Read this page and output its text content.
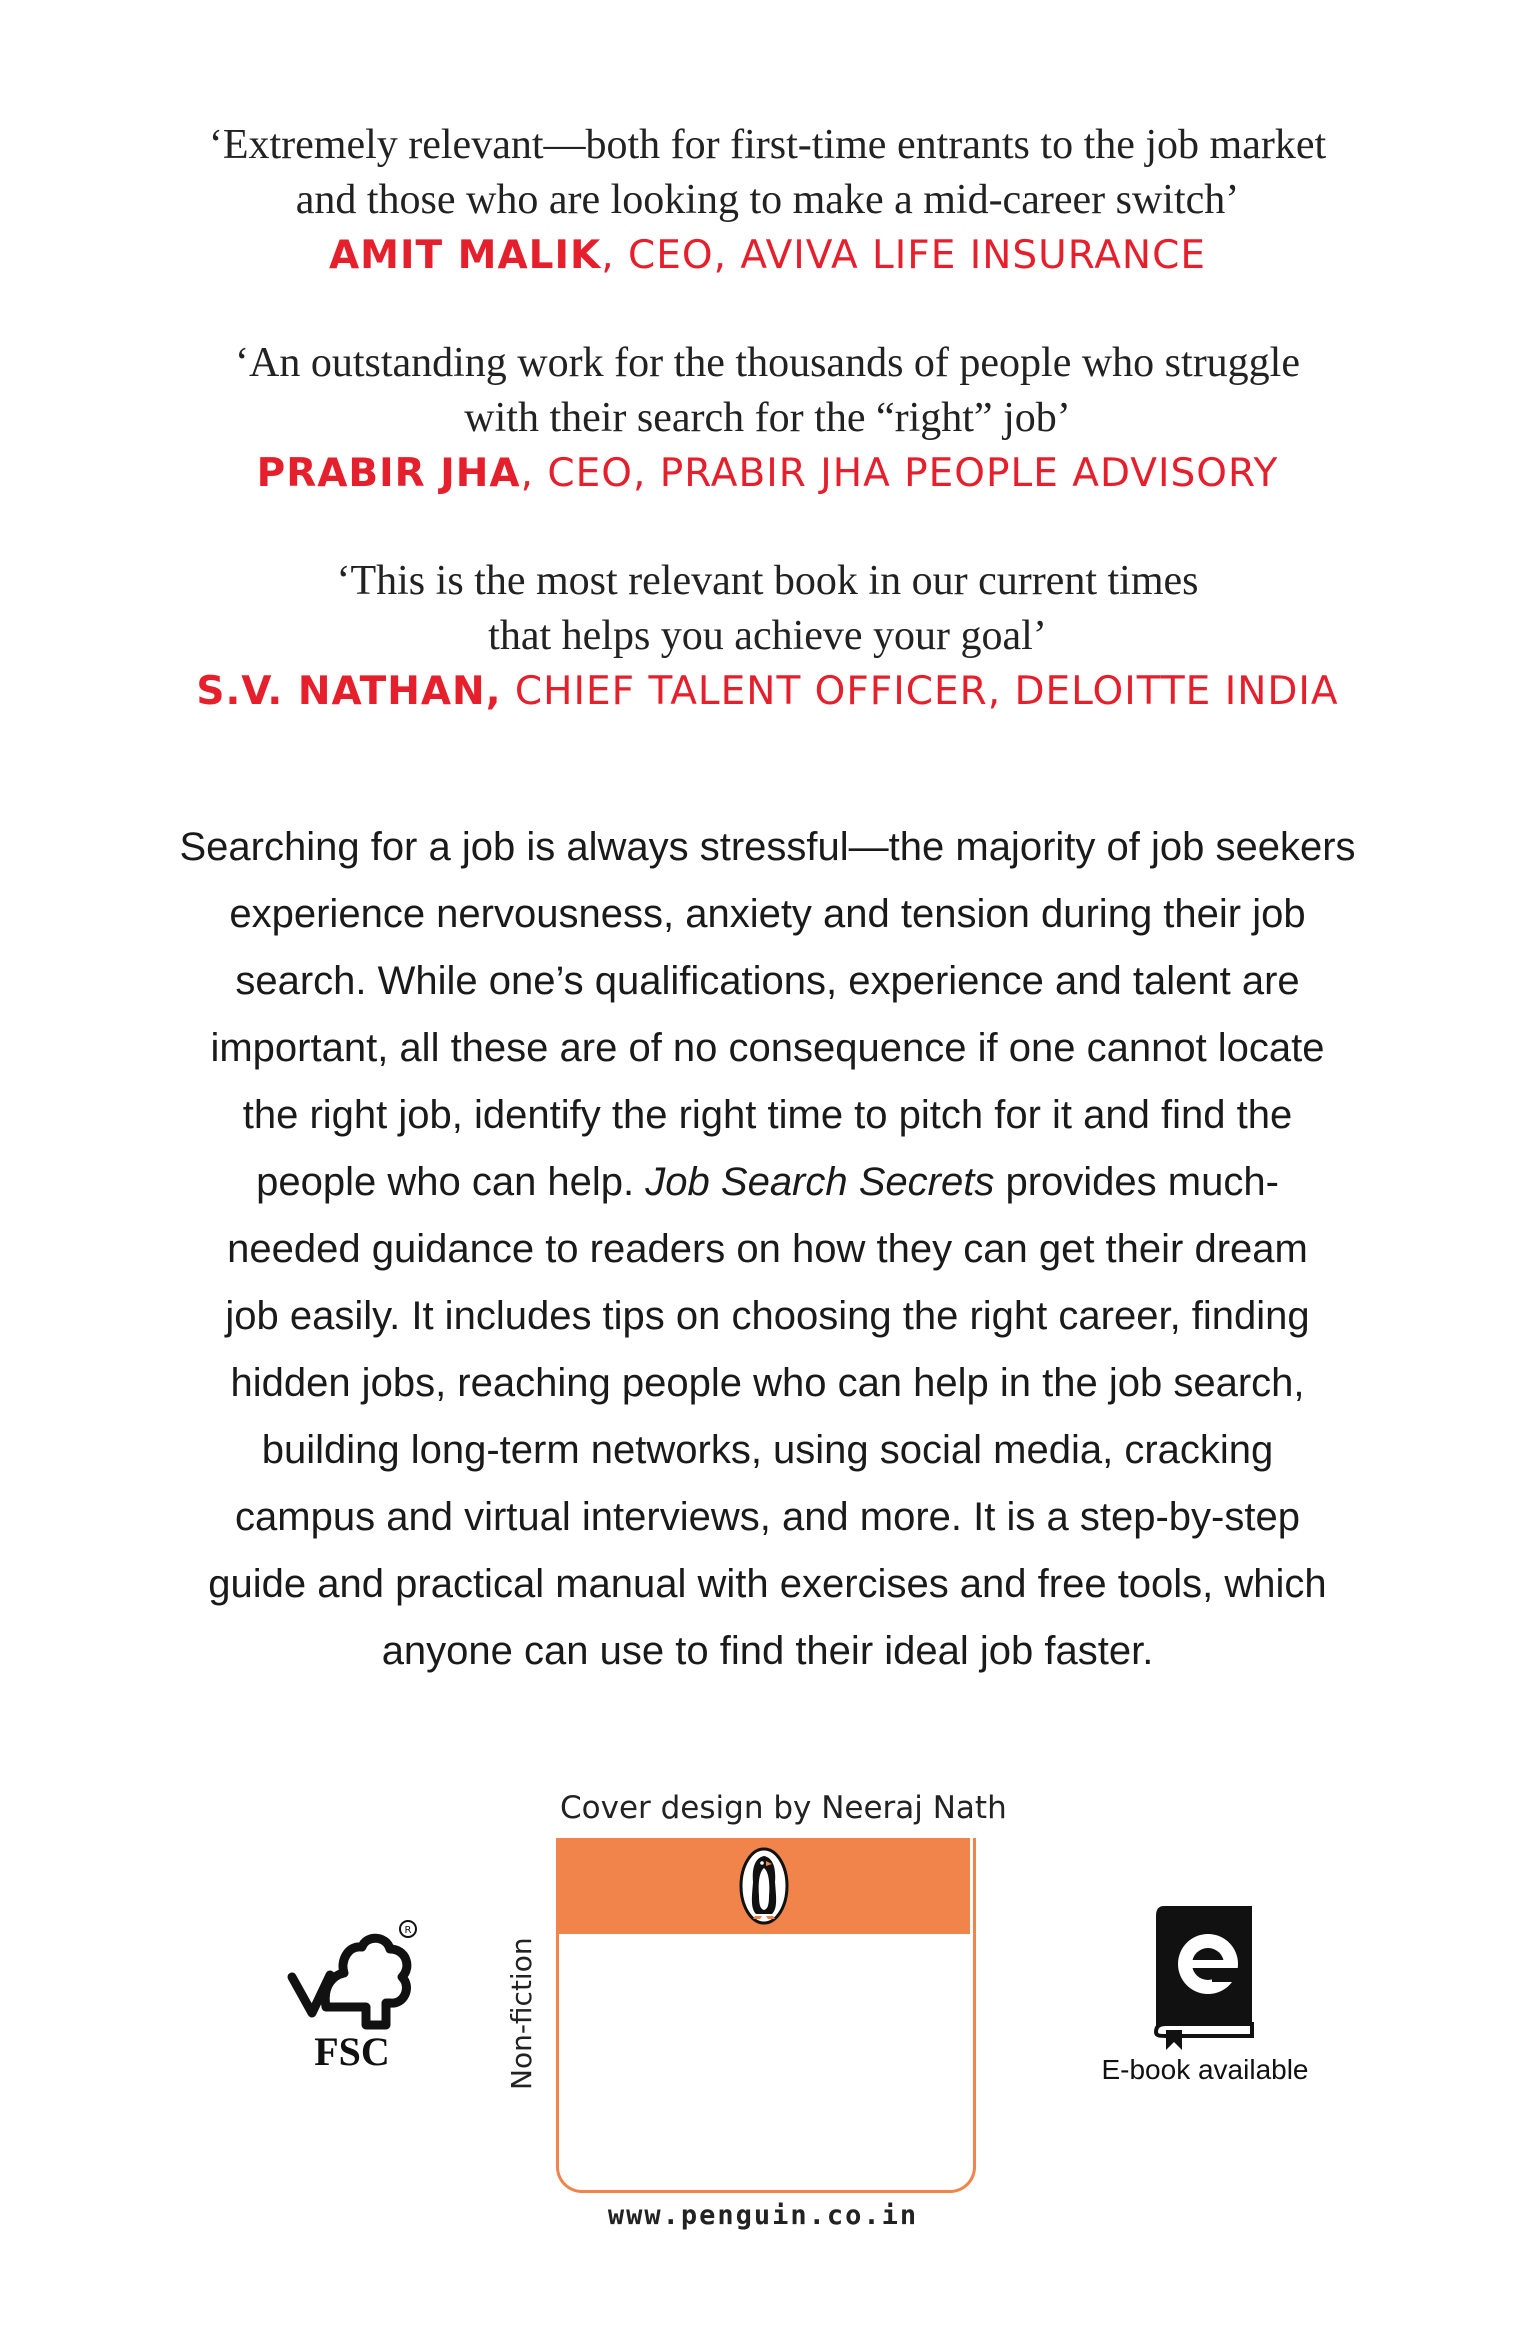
‘Extremely relevant—both for first-time entrants to the job market
and those who are looking to make a mid-career switch’

AMIT MALIK, CEO, AVIVA LIFE INSURANCE

‘An outstanding work for the thousands of people who struggle
with their search for the “right” job’

PRABIR JHA, CEO, PRABIR JHA PEOPLE ADVISORY

‘This is the most relevant book in our current times
that helps you achieve your goal’

S.V. NATHAN, CHIEF TALENT OFFICER, DELOITTE INDIA

Searching for a job is always stressful—the majority of job seekers
experience nervousness, anxiety and tension during their job
search. While one’s qualifications, experience and talent are
important, all these are of no consequence if one cannot locate
the right job, identify the right time to pitch for it and find the
people who can help. Job Search Secrets provides much-
needed guidance to readers on how they can get their dream
job easily. It includes tips on choosing the right career, finding
hidden jobs, reaching people who can help in the job search,
building long-term networks, using social media, cracking
campus and virtual interviews, and more. It is a step-by-step
guide and practical manual with exercises and free tools, which
anyone can use to find their ideal job faster.
Cover design by Neeraj Nath
Non-fiction
www.penguin.co.in
R
FSC	E-book available
